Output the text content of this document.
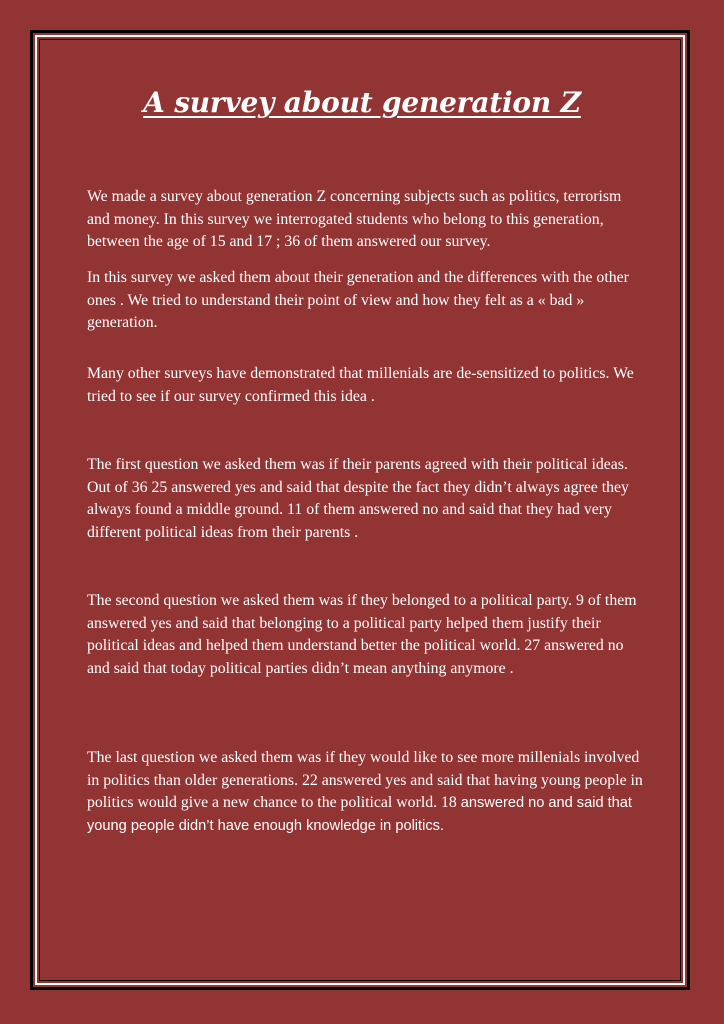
A survey about generation Z

We made a survey about generation Z concerning subjects such as politics, terrorism and money. In this survey we interrogated students who belong to this generation, between the age of 15 and 17 ; 36 of them answered our survey.

In this survey we asked them about their generation and the differences with the other ones . We tried to understand their point of view and how they felt as a « bad » generation.

Many other surveys have demonstrated that millenials are de-sensitized to politics. We tried to see if our survey confirmed this idea .

The first question we asked them was if their parents agreed with their political ideas. Out of 36 25 answered yes and said that despite the fact they didn’t always agree they always found a middle ground. 11 of them answered no and said that they had very different political ideas from their parents .

The second question we asked them was if they belonged to a political party. 9 of them answered yes and said that belonging to a political party helped them justify their political ideas and helped them understand better the political world. 27 answered no and said that today political parties didn’t mean anything anymore .

The last question we asked them was if they would like to see more millenials involved in politics than older generations. 22 answered yes and said that having young people in politics would give a new chance to the political world. 18 answered no and said that young people didn’t have enough knowledge in politics.
